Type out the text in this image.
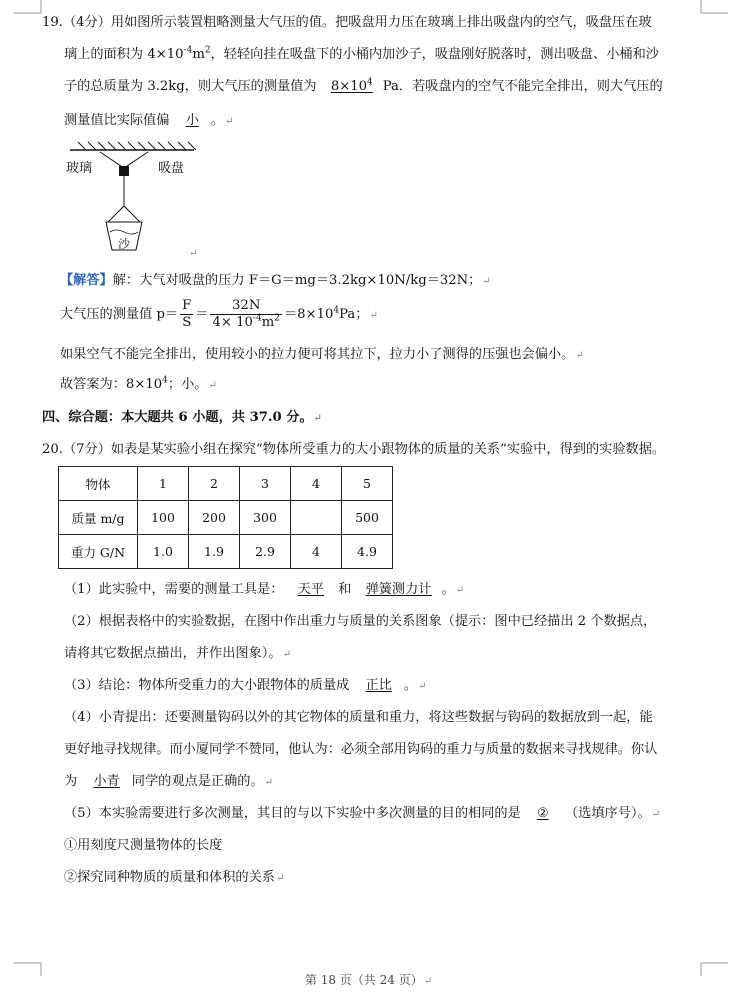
19.（4分）用如图所示装置粗略测量大气压的值。把吸盘用力压在玻璃上排出吸盘内的空气，吸盘压在玻
璃上的面积为 $4\times 10^{-4}m^2$，轻轻向挂在吸盘下的小桶内加沙子，吸盘刚好脱落时，测出吸盘、小桶和沙
子的总质量为 3.2kg，则大气压的测量值为 $8\times 10^4$ Pa．若吸盘内的空气不能完全排出，则大气压的
测量值比实际值偏 小 。↵
玻璃	吸盘
沙
↵
【解答】解：大气对吸盘的压力 F＝G＝mg＝3.2kg×10N/kg＝32N；↵
大气压的测量值 $p= \frac{F}{S} = \frac{32N}{4\times 10^{-4}m^2} =8\times 10^4Pa$；↵
如果空气不能完全排出，使用较小的拉力便可将其拉下，拉力小了测得的压强也会偏小。↵
故答案为：$8\times 10^4$；小。↵
四、综合题：本大题共 6 小题，共 37.0 分。↵
20.（7分）如表是某实验小组在探究“物体所受重力的大小跟物体的质量的关系”实验中，得到的实验数据。
物体	1	2	3	4	5
质量 m/g	100	200	300		500
重力 G/N	1.0	1.9	2.9	4	4.9
（1）此实验中，需要的测量工具是： 天平 和 弹簧测力计 。↵
（2）根据表格中的实验数据，在图中作出重力与质量的关系图象（提示：图中已经描出 2 个数据点，
请将其它数据点描出，并作出图象）。↵
（3）结论：物体所受重力的大小跟物体的质量成 正比 。↵
（4）小青提出：还要测量钩码以外的其它物体的质量和重力，将这些数据与钩码的数据放到一起，能
更好地寻找规律。而小厦同学不赞同，他认为：必须全部用钩码的重力与质量的数据来寻找规律。你认
为 小青 同学的观点是正确的。↵
（5）本实验需要进行多次测量，其目的与以下实验中多次测量的目的相同的是 ② （选填序号）。↵
①用刻度尺测量物体的长度
②探究同种物质的质量和体积的关系↵
第 18 页（共 24 页）↵
